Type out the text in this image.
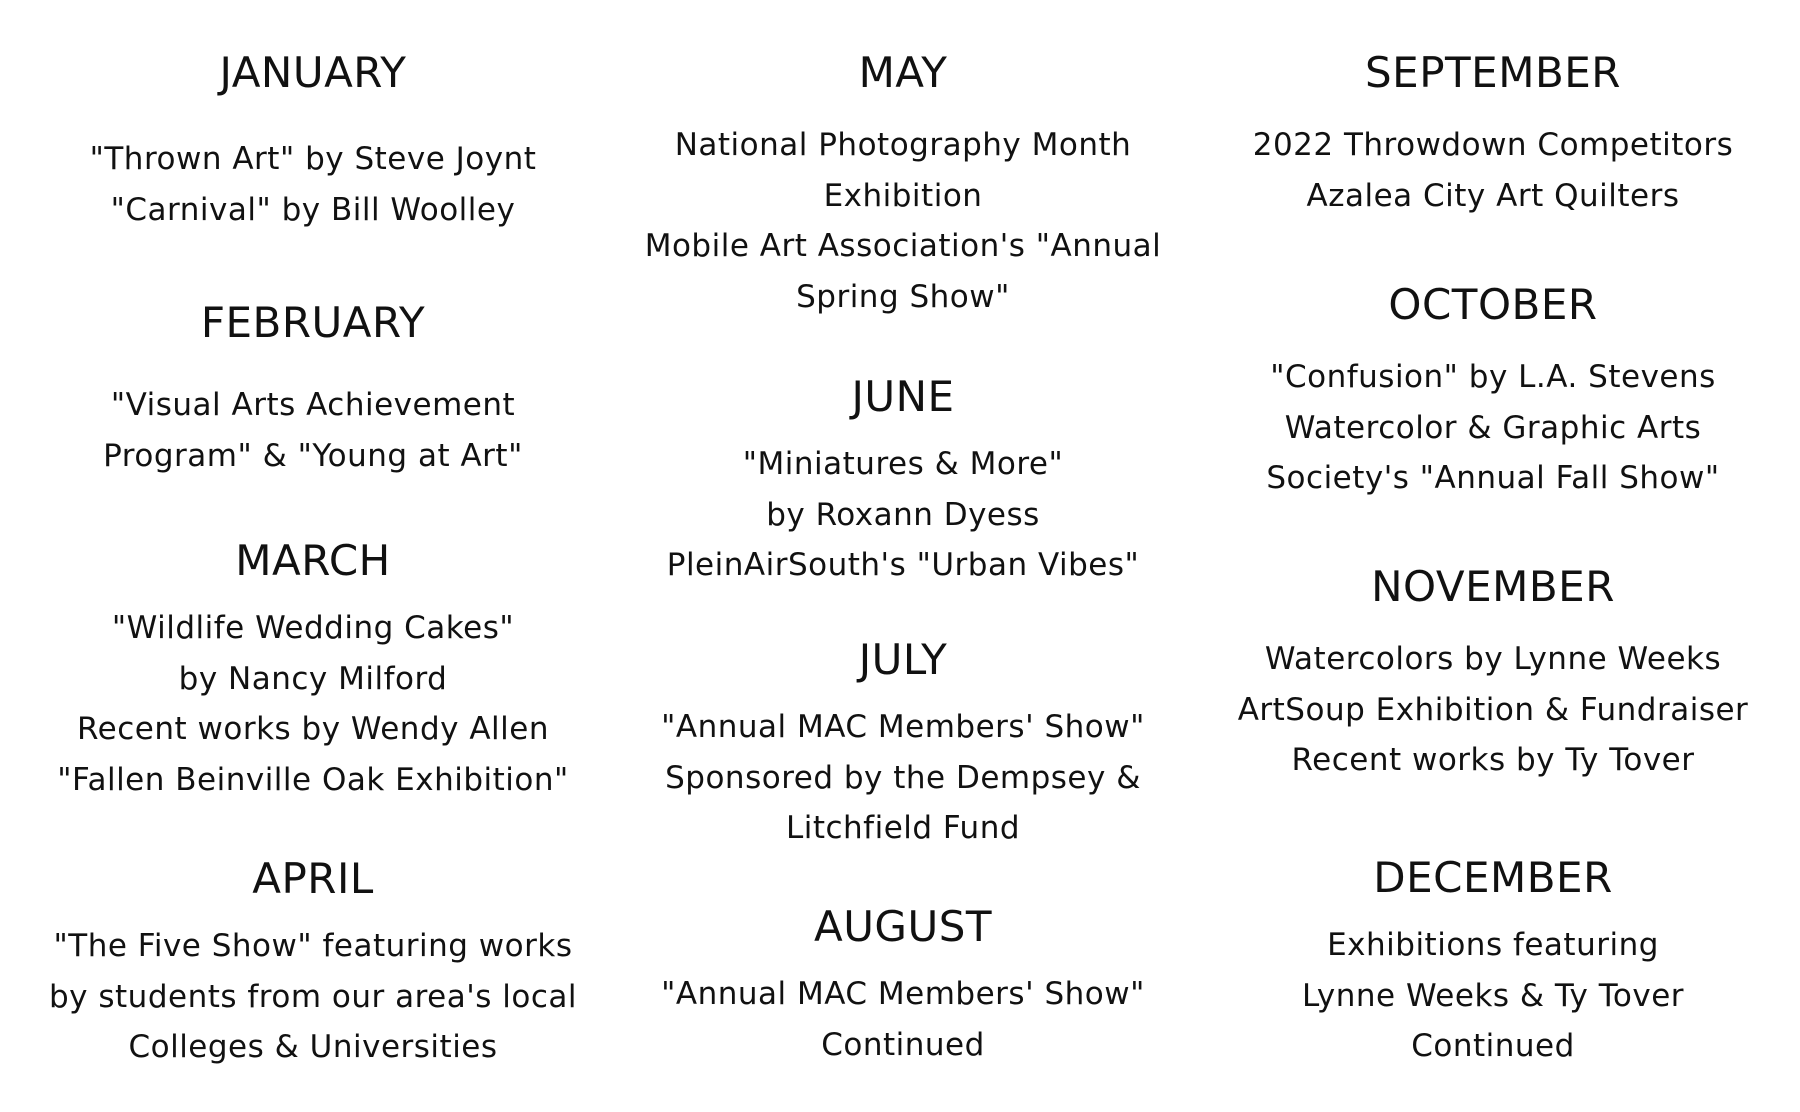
JANUARY
"Thrown Art" by Steve Joynt
"Carnival" by Bill Woolley
FEBRUARY
"Visual Arts Achievement
Program" & "Young at Art"
MARCH
"Wildlife Wedding Cakes"
by Nancy Milford
Recent works by Wendy Allen
"Fallen Beinville Oak Exhibition"
APRIL
"The Five Show" featuring works
by students from our area's local
Colleges & Universities
MAY
National Photography Month
Exhibition
Mobile Art Association's "Annual
Spring Show"
JUNE
"Miniatures & More"
by Roxann Dyess
PleinAirSouth's "Urban Vibes"
JULY
"Annual MAC Members' Show"
Sponsored by the Dempsey &
Litchfield Fund
AUGUST
"Annual MAC Members' Show"
Continued
SEPTEMBER
2022 Throwdown Competitors
Azalea City Art Quilters
OCTOBER
"Confusion" by L.A. Stevens
Watercolor & Graphic Arts
Society's "Annual Fall Show"
NOVEMBER
Watercolors by Lynne Weeks
ArtSoup Exhibition & Fundraiser
Recent works by Ty Tover
DECEMBER
Exhibitions featuring
Lynne Weeks & Ty Tover
Continued
